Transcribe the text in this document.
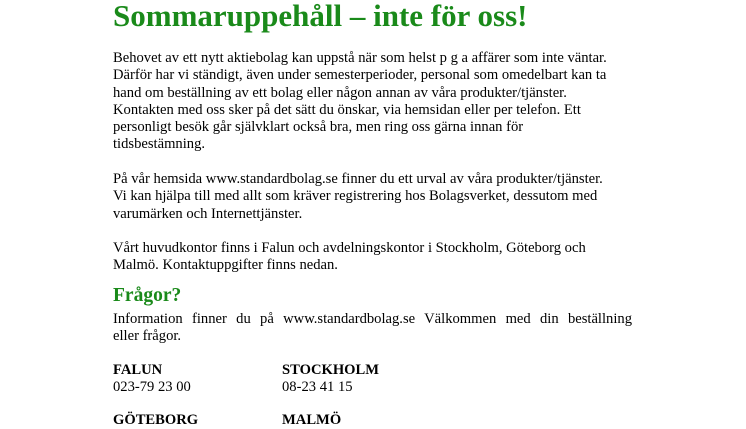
Sommaruppehåll – inte för oss!

Behovet av ett nytt aktiebolag kan uppstå när som helst p g a affärer som inte väntar.
Därför har vi ständigt, även under semesterperioder, personal som omedelbart kan ta
hand om beställning av ett bolag eller någon annan av våra produkter/tjänster.
Kontakten med oss sker på det sätt du önskar, via hemsidan eller per telefon. Ett
personligt besök går självklart också bra, men ring oss gärna innan för
tidsbestämning.

På vår hemsida www.standardbolag.se finner du ett urval av våra produkter/tjänster.
Vi kan hjälpa till med allt som kräver registrering hos Bolagsverket, dessutom med
varumärken och Internettjänster.

Vårt huvudkontor finns i Falun och avdelningskontor i Stockholm, Göteborg och
Malmö. Kontaktuppgifter finns nedan.

Frågor?

Information finner du på www.standardbolag.se Välkommen med din beställning
eller frågor.

FALUN
023-79 23 00
STOCKHOLM
08-23 41 15
GÖTEBORG	MALMÖ
